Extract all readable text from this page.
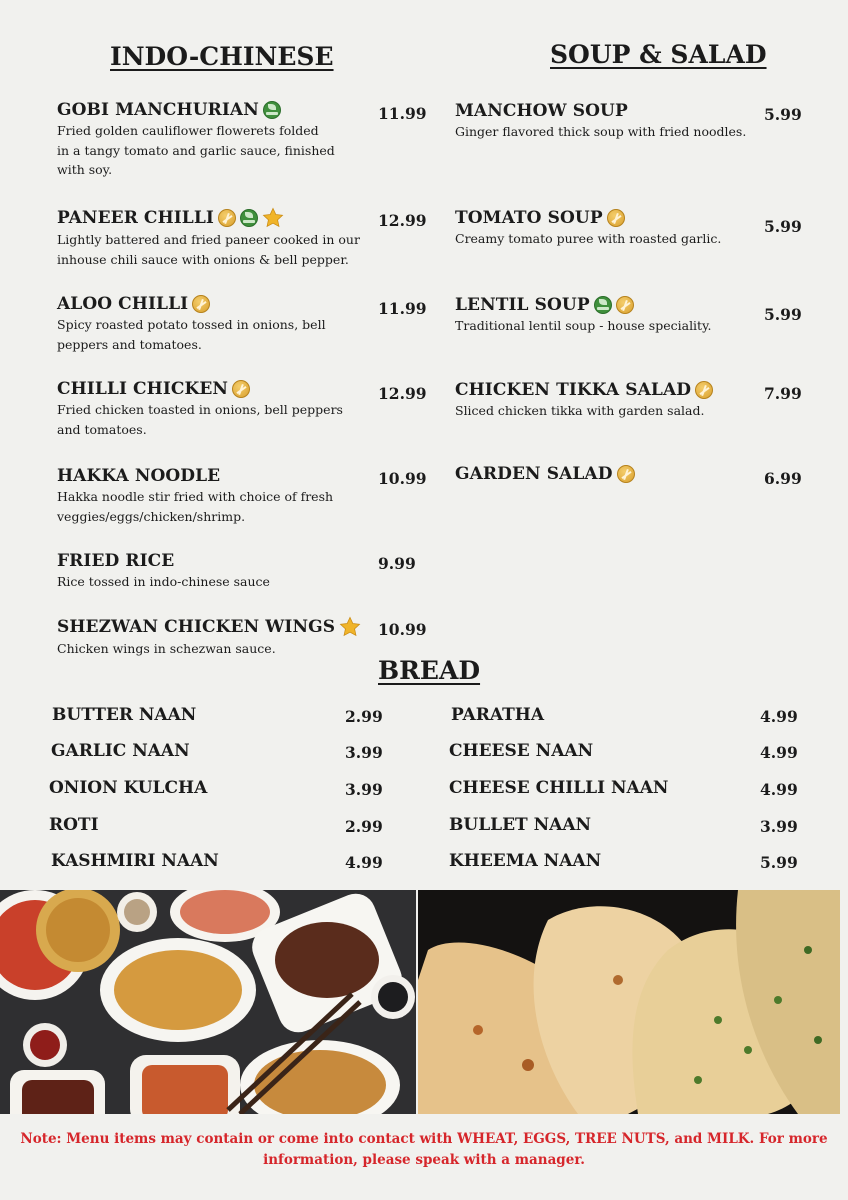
INDO-CHINESE	SOUP & SALAD
BREAD
GOBI MANCHURIAN
Fried golden cauliflower flowerets folded
in a tangy tomato and garlic sauce, finished
with soy.
11.99
PANEER CHILLI
Lightly battered and fried paneer cooked in our
inhouse chili sauce with onions & bell pepper.
12.99
ALOO CHILLI
Spicy roasted potato tossed in onions, bell
peppers and tomatoes.
11.99
CHILLI CHICKEN
Fried chicken toasted in onions, bell peppers
and tomatoes.
12.99
HAKKA NOODLE
Hakka noodle stir fried with choice of fresh
veggies/eggs/chicken/shrimp.
10.99
FRIED RICE
Rice tossed in indo-chinese sauce
9.99
SHEZWAN CHICKEN WINGS
Chicken wings in schezwan sauce.
10.99
MANCHOW SOUP
Ginger flavored thick soup with fried noodles.
5.99
TOMATO SOUP
Creamy tomato puree with roasted garlic.
5.99
LENTIL SOUP
Traditional lentil soup - house speciality.
5.99
CHICKEN TIKKA SALAD
Sliced chicken tikka with garden salad.
7.99
GARDEN SALAD	6.99
BUTTER NAAN	2.99
GARLIC NAAN	3.99
ONION KULCHA	3.99
ROTI	2.99
KASHMIRI NAAN	4.99
PARATHA	4.99
CHEESE NAAN	4.99
CHEESE CHILLI NAAN	4.99
BULLET NAAN	3.99
KHEEMA NAAN	5.99
Note: Menu items may contain or come into contact with WHEAT, EGGS, TREE NUTS, and MILK. For more
information, please speak with a manager.
